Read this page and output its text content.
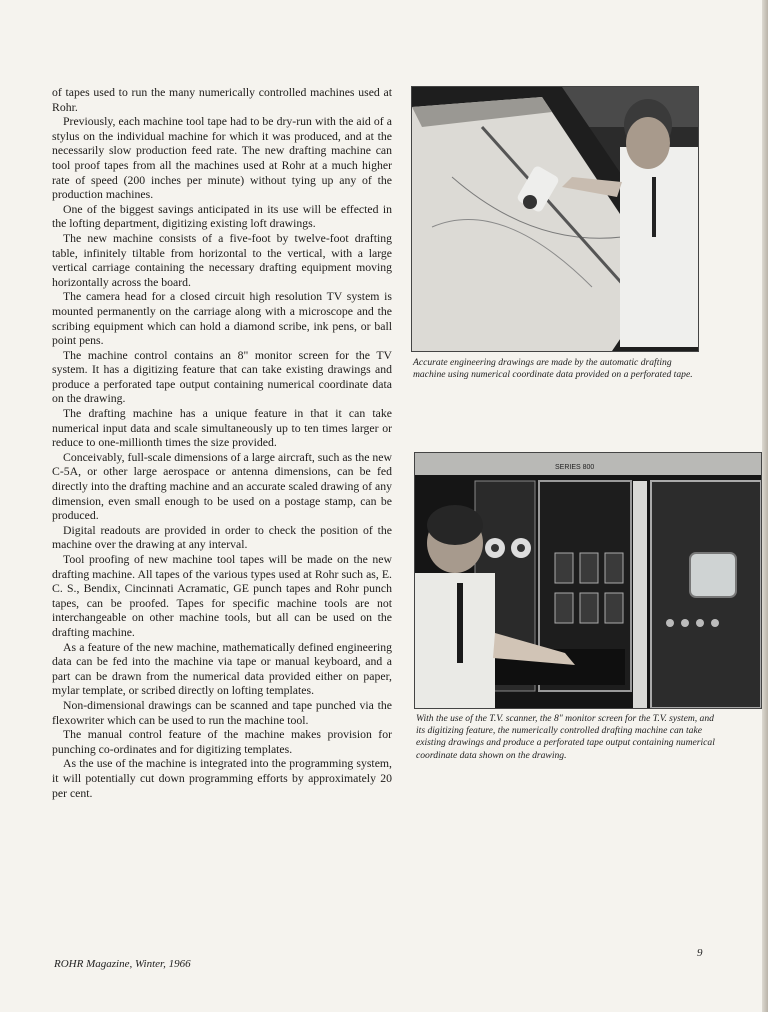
of tapes used to run the many numerically controlled machines used at Rohr.

Previously, each machine tool tape had to be dry-run with the aid of a stylus on the individual machine for which it was produced, and at the necessarily slow production feed rate. The new drafting machine can tool proof tapes from all the machines used at Rohr at a much higher rate of speed (200 inches per minute) without tying up any of the production machines.

One of the biggest savings anticipated in its use will be effected in the lofting department, digitizing existing loft drawings.

The new machine consists of a five-foot by twelve-foot drafting table, infinitely tiltable from horizontal to the vertical, with a large vertical carriage containing the necessary drafting equipment moving horizontally across the board.

The camera head for a closed circuit high resolution TV system is mounted permanently on the carriage along with a microscope and the scribing equipment which can hold a diamond scribe, ink pens, or ball point pens.

The machine control contains an 8" monitor screen for the TV system. It has a digitizing feature that can take existing drawings and produce a perforated tape output containing numerical coordinate data on the drawing.

The drafting machine has a unique feature in that it can take numerical input data and scale simultaneously up to ten times larger or reduce to one-millionth times the size provided.

Conceivably, full-scale dimensions of a large aircraft, such as the new C-5A, or other large aerospace or antenna dimensions, can be fed directly into the drafting machine and an accurate scaled drawing of any dimension, even small enough to be used on a postage stamp, can be produced.

Digital readouts are provided in order to check the position of the machine over the drawing at any interval.

Tool proofing of new machine tool tapes will be made on the new drafting machine. All tapes of the various types used at Rohr such as, E. C. S., Bendix, Cincinnati Acramatic, GE punch tapes and Rohr punch tapes, can be proofed. Tapes for specific machine tools are not interchangeable on other machine tools, but all can be used on the drafting machine.

As a feature of the new machine, mathematically defined engineering data can be fed into the machine via tape or manual keyboard, and a part can be drawn from the numerical data provided either on paper, mylar template, or scribed directly on lofting templates.

Non-dimensional drawings can be scanned and tape punched via the flexowriter which can be used to run the machine tool.

The manual control feature of the machine makes provision for punching co-ordinates and for digitizing templates.

As the use of the machine is integrated into the programming system, it will potentially cut down programming efforts by approximately 20 per cent.

Accurate engineering drawings are made by the automatic drafting machine using numerical coordinate data provided on a perforated tape.
SERIES 800
With the use of the T.V. scanner, the 8" monitor screen for the T.V. system, and its digitizing feature, the numerically controlled drafting machine can take existing drawings and produce a perforated tape output containing numerical coordinate data shown on the drawing.
ROHR Magazine, Winter, 1966
9
